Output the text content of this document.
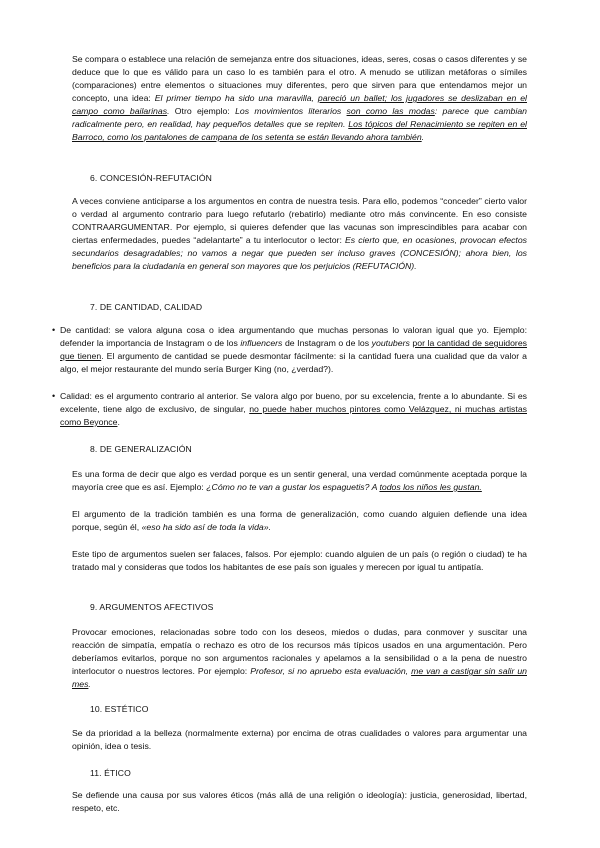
Se compara o establece una relación de semejanza entre dos situaciones, ideas, seres, cosas o casos diferentes y se deduce que lo que es válido para un caso lo es también para el otro. A menudo se utilizan metáforas o símiles (comparaciones) entre elementos o situaciones muy diferentes, pero que sirven para que entendamos mejor un concepto, una idea: El primer tiempo ha sido una maravilla, pareció un ballet; los jugadores se deslizaban en el campo como bailarinas. Otro ejemplo: Los movimientos literarios son como las modas: parece que cambian radicalmente pero, en realidad, hay pequeños detalles que se repiten. Los tópicos del Renacimiento se repiten en el Barroco, como los pantalones de campana de los setenta se están llevando ahora también.
6. CONCESIÓN-REFUTACIÓN
A veces conviene anticiparse a los argumentos en contra de nuestra tesis. Para ello, podemos “conceder” cierto valor o verdad al argumento contrario para luego refutarlo (rebatirlo) mediante otro más convincente. En eso consiste CONTRAARGUMENTAR. Por ejemplo, si quieres defender que las vacunas son imprescindibles para acabar con ciertas enfermedades, puedes “adelantarte” a tu interlocutor o lector: Es cierto que, en ocasiones, provocan efectos secundarios desagradables; no vamos a negar que pueden ser incluso graves (CONCESIÓN); ahora bien, los beneficios para la ciudadanía en general son mayores que los perjuicios (REFUTACIÓN).
7. DE CANTIDAD, CALIDAD
• De cantidad: se valora alguna cosa o idea argumentando que muchas personas lo valoran igual que yo. Ejemplo: defender la importancia de Instagram o de los influencers de Instagram o de los youtubers por la cantidad de seguidores que tienen. El argumento de cantidad se puede desmontar fácilmente: si la cantidad fuera una cualidad que da valor a algo, el mejor restaurante del mundo sería Burger King (no, ¿verdad?).
• Calidad: es el argumento contrario al anterior. Se valora algo por bueno, por su excelencia, frente a lo abundante. Si es excelente, tiene algo de exclusivo, de singular, no puede haber muchos pintores como Velázquez, ni muchas artistas como Beyonce.
8. DE GENERALIZACIÓN
Es una forma de decir que algo es verdad porque es un sentir general, una verdad comúnmente aceptada porque la mayoría cree que es así. Ejemplo: ¿Cómo no te van a gustar los espaguetis? A todos los niños les gustan.
El argumento de la tradición también es una forma de generalización, como cuando alguien defiende una idea porque, según él, «eso ha sido así de toda la vida».
Este tipo de argumentos suelen ser falaces, falsos. Por ejemplo: cuando alguien de un país (o región o ciudad) te ha tratado mal y consideras que todos los habitantes de ese país son iguales y merecen por igual tu antipatía.
9. ARGUMENTOS AFECTIVOS
Provocar emociones, relacionadas sobre todo con los deseos, miedos o dudas, para conmover y suscitar una reacción de simpatía, empatía o rechazo es otro de los recursos más típicos usados en una argumentación. Pero deberíamos evitarlos, porque no son argumentos racionales y apelamos a la sensibilidad o a la pena de nuestro interlocutor o nuestros lectores. Por ejemplo: Profesor, si no apruebo esta evaluación, me van a castigar sin salir un mes.
10. ESTÉTICO
Se da prioridad a la belleza (normalmente externa) por encima de otras cualidades o valores para argumentar una opinión, idea o tesis.
11. ÉTICO
Se defiende una causa por sus valores éticos (más allá de una religión o ideología): justicia, generosidad, libertad, respeto, etc.
